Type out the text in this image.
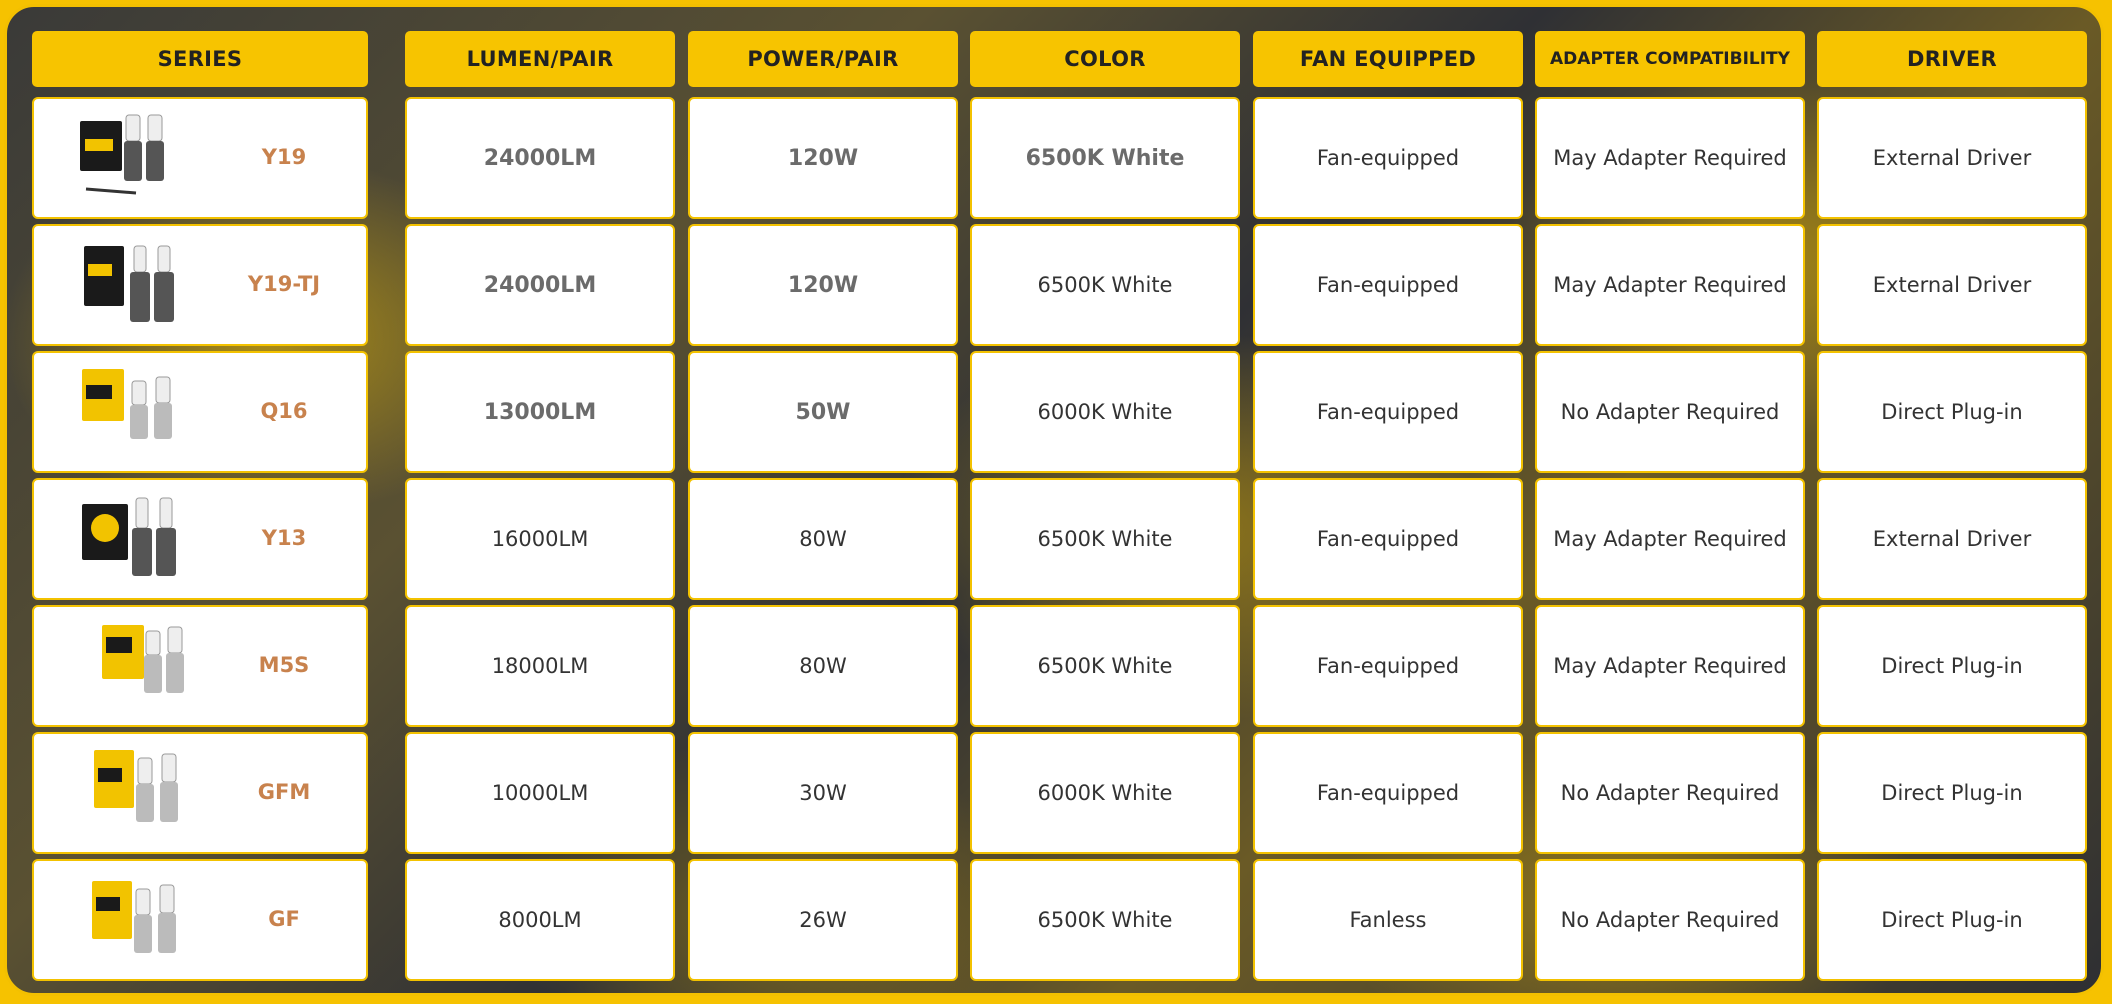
SERIES	LUMEN/PAIR	POWER/PAIR	COLOR	FAN EQUIPPED	ADAPTER COMPATIBILITY	DRIVER
Y19	24000LM	120W	6500K White	Fan-equipped	May Adapter Required	External Driver
Y19-TJ	24000LM	120W	6500K White	Fan-equipped	May Adapter Required	External Driver
Q16	13000LM	50W	6000K White	Fan-equipped	No Adapter Required	Direct Plug-in
Y13	16000LM	80W	6500K White	Fan-equipped	May Adapter Required	External Driver
M5S	18000LM	80W	6500K White	Fan-equipped	May Adapter Required	Direct Plug-in
GFM	10000LM	30W	6000K White	Fan-equipped	No Adapter Required	Direct Plug-in
GF	8000LM	26W	6500K White	Fanless	No Adapter Required	Direct Plug-in
